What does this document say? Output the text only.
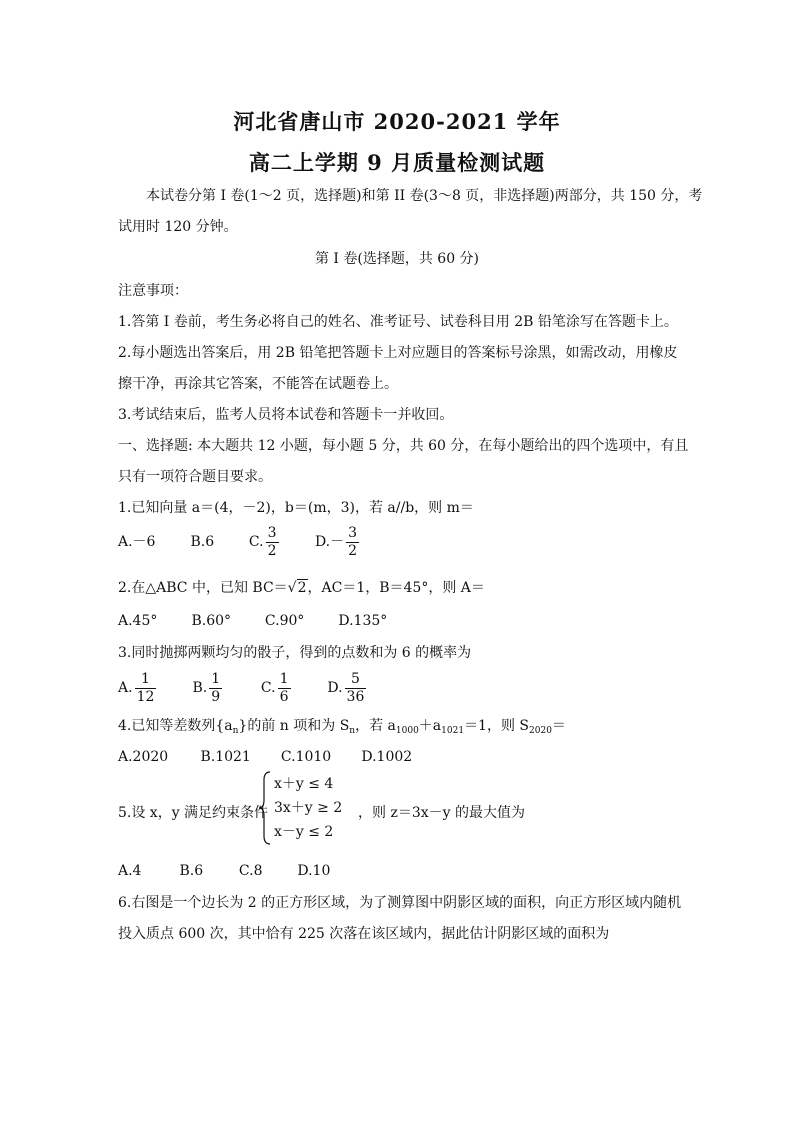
河北省唐山市 2020-2021 学年
高二上学期 9 月质量检测试题
本试卷分第 I 卷(1～2 页，选择题)和第 II 卷(3～8 页，非选择题)两部分，共 150 分，考
试用时 120 分钟。
第 I 卷(选择题，共 60 分)
注意事项：
1.答第 I 卷前，考生务必将自己的姓名、准考证号、试卷科目用 2B 铅笔涂写在答题卡上。
2.每小题选出答案后，用 2B 铅笔把答题卡上对应题目的答案标号涂黑，如需改动，用橡皮
擦干净，再涂其它答案，不能答在试题卷上。
3.考试结束后，监考人员将本试卷和答题卡一并收回。
一、选择题: 本大题共 12 小题，每小题 5 分，共 60 分，在每小题给出的四个选项中，有且
只有一项符合题目要求。
1.已知向量 a＝(4，－2)，b＝(m，3)，若 a//b，则 m＝
A.－6 B.6 C. $\frac{3}{2}$	$D.- \frac{3}{2}$
2.在△ABC 中，已知 BC＝√2，AC＝1，B＝45°，则 A＝
A.45° B.60° C.90° D.135°
3.同时抛掷两颗均匀的骰子，得到的点数和为 6 的概率为
A. $\frac{1}{12}$	B. $\frac{1}{9}$	C. $\frac{1}{6}$	D. $\frac{5}{36}$
4.已知等差数列$\{a_n\}$的前 n 项和为 $S_n$，若 $a_{1000}+a_{1021}=1$，则 $S_{2020}=$
A.2020 B.1021 C.1010 D.1002
5.设 x，y 满足约束条件
x＋y ≤ 4
3x＋y ≥ 2
x－y ≤ 2
，则 z＝3x－y 的最大值为
A.4	B.6	C.8 D.10
6.右图是一个边长为 2 的正方形区域，为了测算图中阴影区域的面积，向正方形区域内随机
投入质点 600 次，其中恰有 225 次落在该区域内，据此估计阴影区域的面积为
